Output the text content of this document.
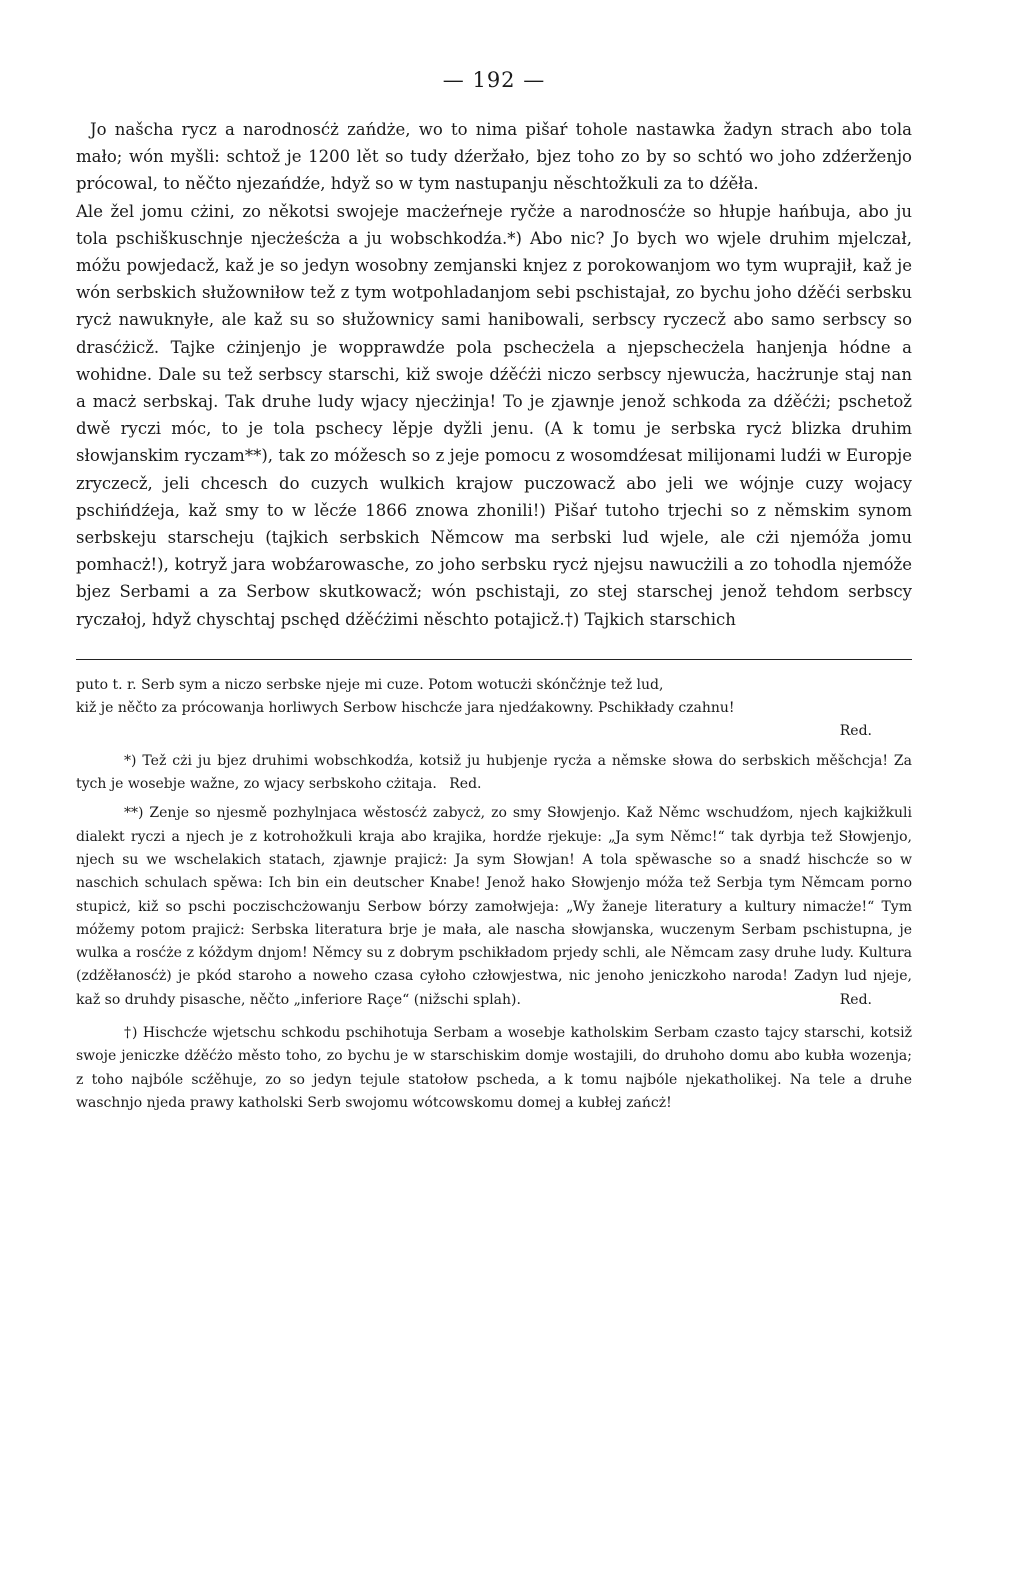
— 192 —

Jo našcha rycz a narodnosćż zańdże, wo to nima pišaŕ tohole nastawka žadyn strach abo tola mało; wón myšli: schtož je 1200 lět so tudy dźeržało, bjez toho zo by so schtó wo joho zdźerženjo prócowal, to něčto njezańdźe, hdyž so w tym nastupanju něschtožkuli za to dźěła.

Ale žel jomu cżini, zo někotsi swojeje macżeŕneje ryčże a narodnosćże so hłupje hańbuja, abo ju tola pschiškuschnje njecżeścża a ju wobschkodźa.*) Abo nic? Jo bych wo wjele druhim mjelczał, móžu powjedacž, kaž je so jedyn wosobny zemjanski knjez z porokowanjom wo tym wuprajił, kaž je wón serbskich słužowniłow tež z tym wotpohladanjom sebi pschistajał, zo bychu joho dźěći serbsku rycż nawuknyłe, ale kaž su so słužownicy sami hanibowali, serbscy ryczecž abo samo serbscy so drasćżicž. Tajke cżinjenjo je wopprawdźe pola pschecżela a njepschecżela hanjenja hódne a wohidne. Dale su tež serbscy starschi, kiž swoje dźěćżi niczo serbscy njewucża, hacżrunje staj nan a macż serbskaj. Tak druhe ludy wjacy njecżinja! To je zjawnje jenož schkoda za dźěćżi; pschetož dwě ryczi móc, to je tola pschecy lěpje dyžli jenu. (A k tomu je serbska rycż blizka druhim słowjanskim ryczam**), tak zo móžesch so z jeje pomocu z wosomdźesat milijonami ludźi w Europje zryczecž, jeli chcesch do cuzych wulkich krajow puczowacž abo jeli we wójnje cuzy wojacy pschińdźeja, kaž smy to w lěcźe 1866 znowa zhonili!) Pišaŕ tutoho trjechi so z němskim synom serbskeju starscheju (tajkich serbskich Němcow ma serbski lud wjele, ale cżi njemóža jomu pomhacż!), kotryž jara wobźarowasche, zo joho serbsku rycż njejsu nawucżili a zo tohodla njemóže bjez Serbami a za Serbow skutkowacž; wón pschistaji, zo stej starschej jenož tehdom serbscy ryczałoj, hdyž chyschtaj pschęd dźěćżimi něschto potajicž.†) Tajkich starschich

puto t. r. Serb sym a niczo serbske njeje mi cuze. Potom wotucżi skónčżnje tež lud,

kiž je něčto za prócowanja horliwych Serbow hischcźe jara njedźakowny. Pschikłady czahnu!

Red.

*) Tež cżi ju bjez druhimi wobschkodźa, kotsiž ju hubjenje rycża a němske słowa do serbskich měšchcja! Za tych je wosebje wažne, zo wjacy serbskoho cżitaja. Red.

**) Zenje so njesmě pozhylnjaca wěstosćż zabycż, zo smy Słowjenjo. Kaž Němc wschudźom, njech kajkižkuli dialekt ryczi a njech je z kotrohožkuli kraja abo krajika, hordźe rjekuje: „Ja sym Němc!“ tak dyrbja tež Słowjenjo, njech su we wschelakich statach, zjawnje prajicż: Ja sym Słowjan! A tola spěwasche so a snadź hischcźe so w naschich schulach spěwa: Ich bin ein deutscher Knabe! Jenož hako Słowjenjo móža tež Serbja tym Němcam porno stupicż, kiž so pschi poczischcżowanju Serbow bórzy zamołwjeja: „Wy žaneje literatury a kultury nimacże!“ Tym móžemy potom prajicż: Serbska literatura brje je mała, ale nascha słowjanska, wuczenym Serbam pschistupna, je wulka a rosćże z kóždym dnjom! Němcy su z dobrym pschikładom prjedy schli, ale Němcam zasy druhe ludy. Kultura (zdźěłanosćż) je pkód staroho a noweho czasa cyłoho człowjestwa, nic jenoho jeniczkoho naroda! Zadyn lud njeje, kaž so druhdy pisasche, něčto „inferiore Raçe“ (nižschi splah).	Red.

†) Hischcźe wjetschu schkodu pschihotuja Serbam a wosebje katholskim Serbam czasto tajcy starschi, kotsiž swoje jeniczke dźěćżo město toho, zo bychu je w starschiskim domje wostajili, do druhoho domu abo kubła wozenja; z toho najbóle scźěhuje, zo so jedyn tejule statołow pscheda, a k tomu najbóle njekatholikej. Na tele a druhe waschnjo njeda prawy katholski Serb swojomu wótcowskomu domej a kubłej zańcż!
